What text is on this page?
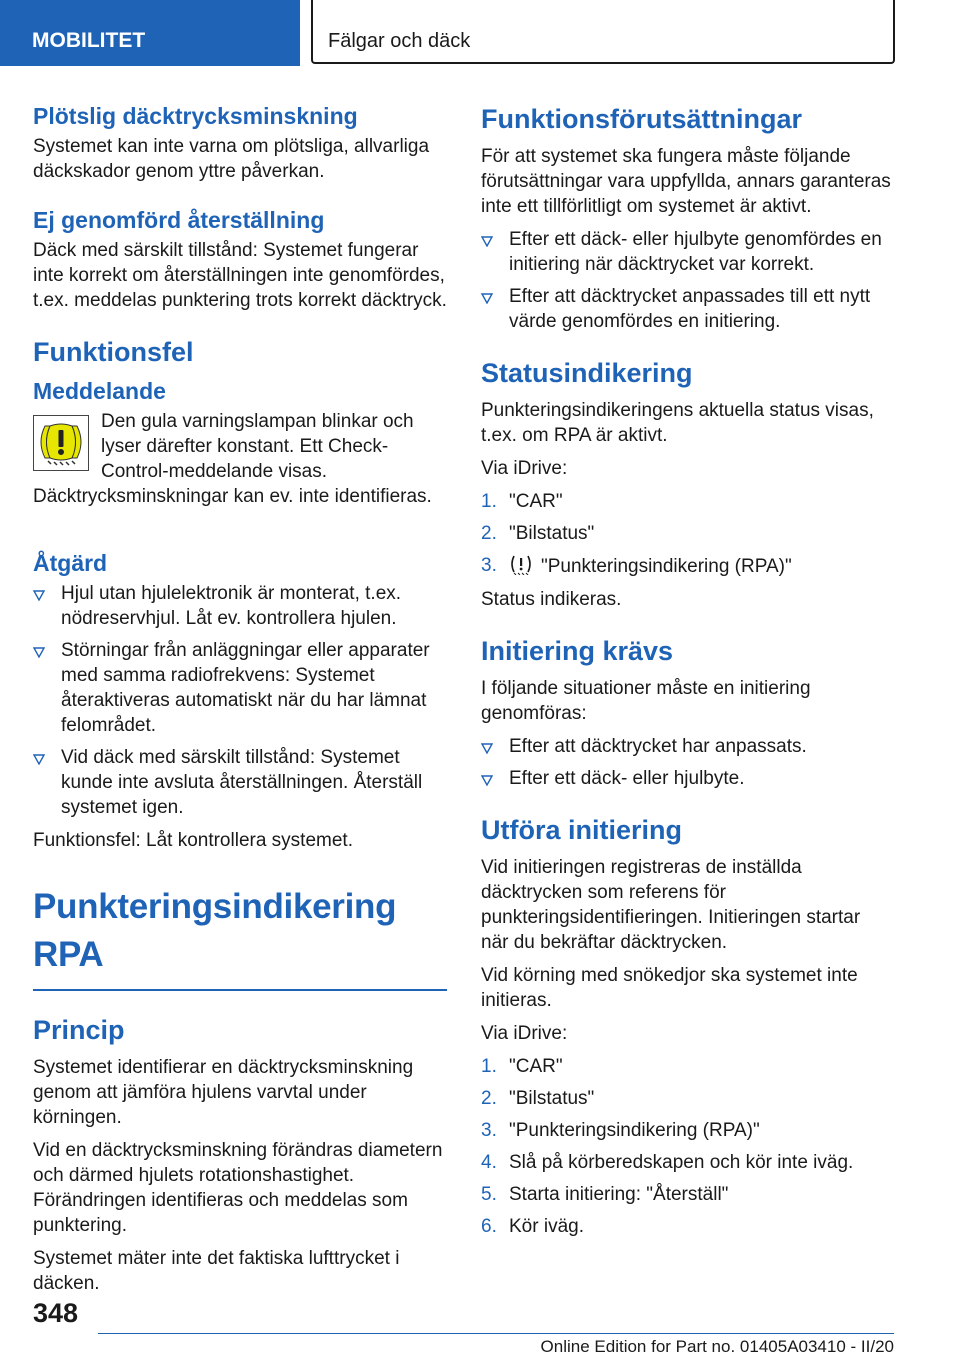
MOBILITET	Fälgar och däck
Plötslig däcktrycksminskning

Systemet kan inte varna om plötsliga, allvarliga däckskador genom yttre påverkan.

Ej genomförd återställning

Däck med särskilt tillstånd: Systemet fungerar inte korrekt om återställningen inte genomfördes, t.ex. meddelas punktering trots korrekt däcktryck.

Funktionsfel
Meddelande

Den gula varningslampan blinkar och lyser därefter konstant. Ett Check-Control-meddelande visas. Däcktrycksminskningar kan ev. inte identifieras.

Åtgärd
Hjul utan hjulelektronik är monterat, t.ex. nödreservhjul. Låt ev. kontrollera hjulen.
Störningar från anläggningar eller apparater med samma radiofrekvens: Systemet återaktiveras automatiskt när du har lämnat felområdet.
Vid däck med särskilt tillstånd: Systemet kunde inte avsluta återställningen. Återställ systemet igen.

Funktionsfel: Låt kontrollera systemet.

Punkteringsindikering RPA
Princip

Systemet identifierar en däcktrycksminskning genom att jämföra hjulens varvtal under körningen.

Vid en däcktrycksminskning förändras diametern och därmed hjulets rotationshastighet. Förändringen identifieras och meddelas som punktering.

Systemet mäter inte det faktiska lufttrycket i däcken.

Funktionsförutsättningar

För att systemet ska fungera måste följande förutsättningar vara uppfyllda, annars garanteras inte ett tillförlitligt om systemet är aktivt.

Efter ett däck- eller hjulbyte genomfördes en initiering när däcktrycket var korrekt.
Efter att däcktrycket anpassades till ett nytt värde genomfördes en initiering.
Statusindikering

Punkteringsindikeringens aktuella status visas, t.ex. om RPA är aktivt.

Via iDrive:

1. "CAR"
2. "Bilstatus"
3. "Punkteringsindikering (RPA)"

Status indikeras.

Initiering krävs

I följande situationer måste en initiering genomföras:

Efter att däcktrycket har anpassats.
Efter ett däck- eller hjulbyte.
Utföra initiering

Vid initieringen registreras de inställda däcktrycken som referens för punkteringsidentifieringen. Initieringen startar när du bekräftar däcktrycken.

Vid körning med snökedjor ska systemet inte initieras.

Via iDrive:

1. "CAR"
2. "Bilstatus"
3. "Punkteringsindikering (RPA)"
4. Slå på körberedskapen och kör inte iväg.
5. Starta initiering: "Återställ"
6. Kör iväg.
348
Online Edition for Part no. 01405A03410 - II/20
